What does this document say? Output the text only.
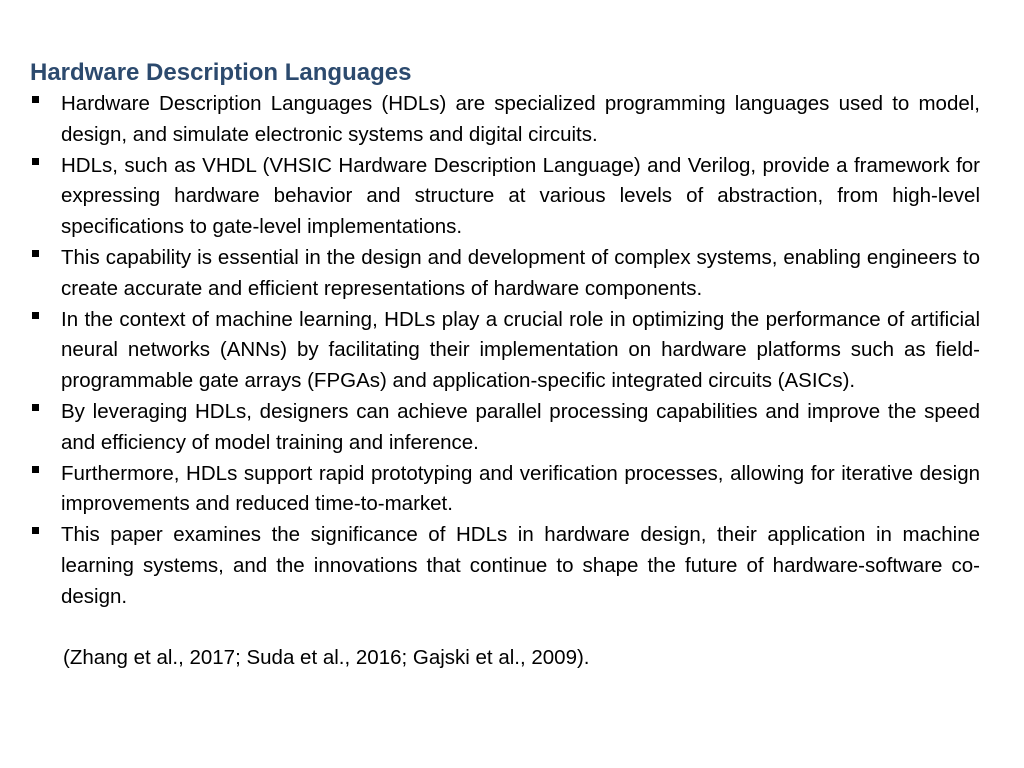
Hardware Description Languages
Hardware Description Languages (HDLs) are specialized programming languages used to model, design, and simulate electronic systems and digital circuits.
HDLs, such as VHDL (VHSIC Hardware Description Language) and Verilog, provide a framework for expressing hardware behavior and structure at various levels of abstraction, from high-level specifications to gate-level implementations.
This capability is essential in the design and development of complex systems, enabling engineers to create accurate and efficient representations of hardware components.
In the context of machine learning, HDLs play a crucial role in optimizing the performance of artificial neural networks (ANNs) by facilitating their implementation on hardware platforms such as field-programmable gate arrays (FPGAs) and application-specific integrated circuits (ASICs).
By leveraging HDLs, designers can achieve parallel processing capabilities and improve the speed and efficiency of model training and inference.
Furthermore, HDLs support rapid prototyping and verification processes, allowing for iterative design improvements and reduced time-to-market.
This paper examines the significance of HDLs in hardware design, their application in machine learning systems, and the innovations that continue to shape the future of hardware-software co-design.
(Zhang et al., 2017; Suda et al., 2016; Gajski et al., 2009).
